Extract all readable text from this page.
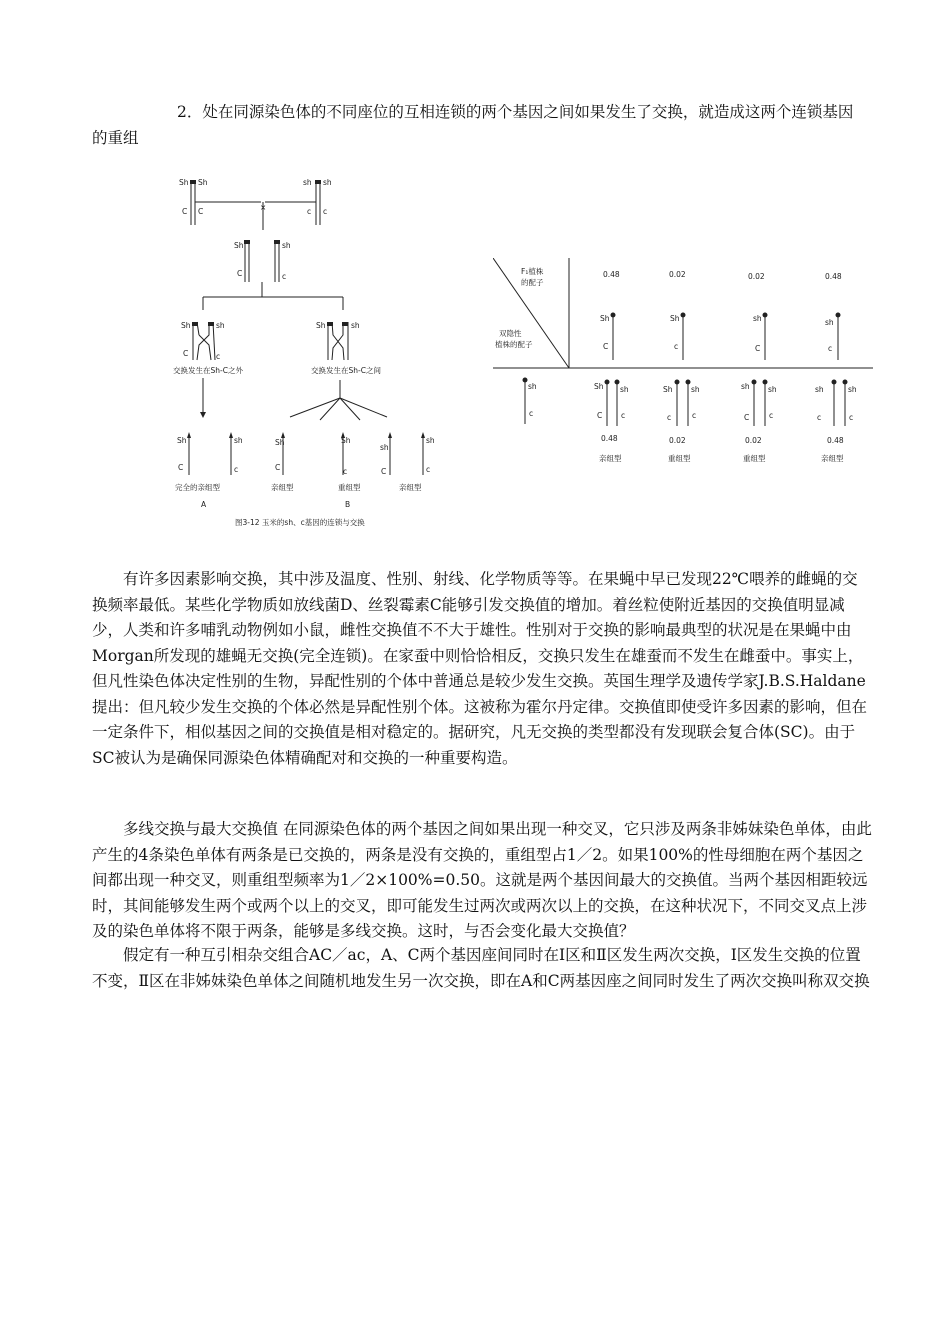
2．处在同源染色体的不同座位的互相连锁的两个基因之间如果发生了交换，就造成这两个连锁基因的重组

Sh Sh
C C
sh sh
c c
×
Sh	sh
C	c
Sh	sh
C	c
交换发生在Sh-C之外
Sh	sh
交换发生在Sh-C之间
Sh
C
sh
c
Sh
C
Sh
c
sh
C
sh
c
完全的亲组型
A
亲组型	重组型	亲组型
B
图3-12 玉米的sh、c基因的连锁与交换
F₁植株
的配子
双隐性
植株的配子
0.48	0.02	0.02	0.48
Sh
C
Sh
c
sh
C
sh
c
sh
c
Sh sh
C	c
Sh sh
c	c
sh sh
C	c
sh	sh
c	c
0.48	0.02	0.02	0.48
亲组型	重组型	重组型	亲组型

有许多因素影响交换，其中涉及温度、性别、射线、化学物质等等。在果蝇中早已发现22℃喂养的雌蝇的交换频率最低。某些化学物质如放线菌D、丝裂霉素C能够引发交换值的增加。着丝粒使附近基因的交换值明显减少，人类和许多哺乳动物例如小鼠，雌性交换值不不大于雄性。性别对于交换的影响最典型的状况是在果蝇中由Morgan所发现的雄蝇无交换(完全连锁)。在家蚕中则恰恰相反，交换只发生在雄蚕而不发生在雌蚕中。事实上，但凡性染色体决定性别的生物，异配性别的个体中普通总是较少发生交换。英国生理学及遗传学家J.B.S.Haldane提出：但凡较少发生交换的个体必然是异配性别个体。这被称为霍尔丹定律。交换值即使受许多因素的影响，但在一定条件下，相似基因之间的交换值是相对稳定的。据研究，凡无交换的类型都没有发现联会复合体(SC)。由于SC被认为是确保同源染色体精确配对和交换的一种重要构造。

多线交换与最大交换值 在同源染色体的两个基因之间如果出现一种交叉，它只涉及两条非姊妹染色单体，由此产生的4条染色单体有两条是已交换的，两条是没有交换的，重组型占1／2。如果100%的性母细胞在两个基因之间都出现一种交叉，则重组型频率为1／2×100%=0.50。这就是两个基因间最大的交换值。当两个基因相距较远时，其间能够发生两个或两个以上的交叉，即可能发生过两次或两次以上的交换，在这种状况下，不同交叉点上涉及的染色单体将不限于两条，能够是多线交换。这时，与否会变化最大交换值？

假定有一种互引相杂交组合AC／ac，A、C两个基因座间同时在Ⅰ区和Ⅱ区发生两次交换，Ⅰ区发生交换的位置不变，Ⅱ区在非姊妹染色单体之间随机地发生另一次交换，即在A和C两基因座之间同时发生了两次交换叫称双交换
